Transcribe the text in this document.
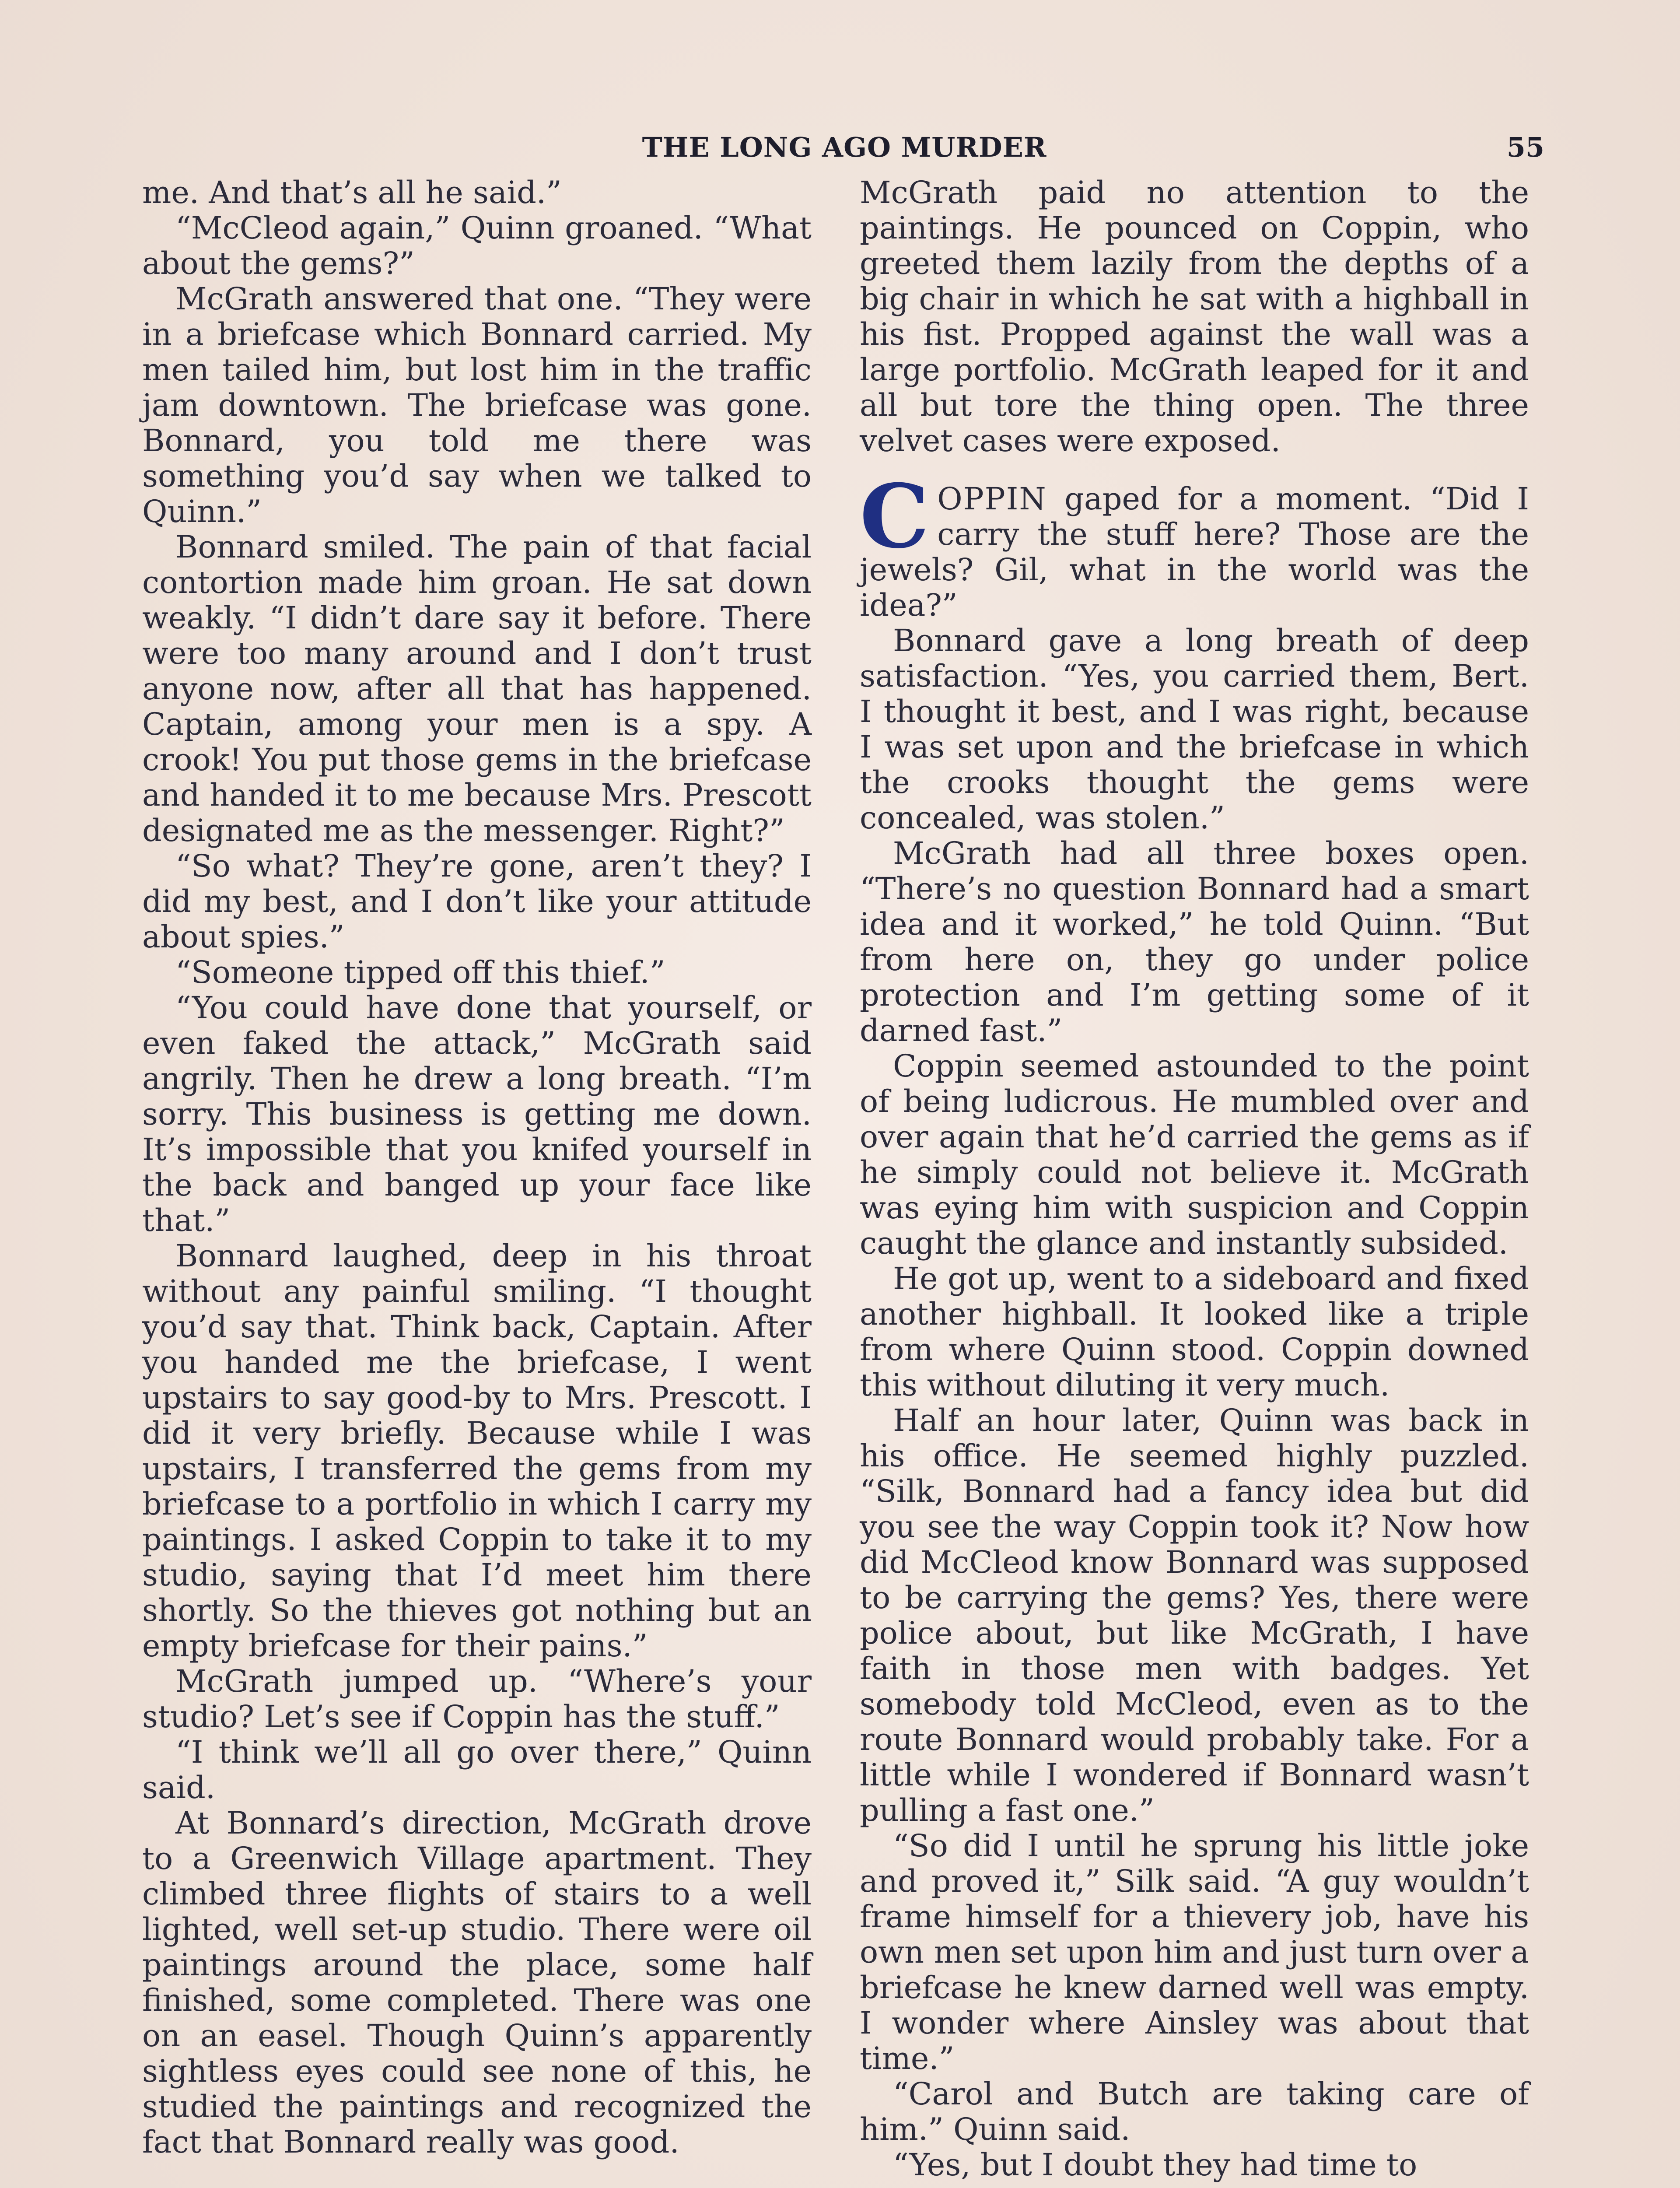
THE LONG AGO MURDER	55

me. And that’s all he said.”

“McCleod again,” Quinn groaned. “What about the gems?”

McGrath answered that one. “They were in a briefcase which Bonnard carried. My men tailed him, but lost him in the traffic jam downtown. The briefcase was gone. Bonnard, you told me there was something you’d say when we talked to Quinn.”

Bonnard smiled. The pain of that facial contortion made him groan. He sat down weakly. “I didn’t dare say it before. There were too many around and I don’t trust anyone now, after all that has happened. Captain, among your men is a spy. A crook! You put those gems in the briefcase and handed it to me because Mrs. Prescott designated me as the messenger. Right?”

“So what? They’re gone, aren’t they? I did my best, and I don’t like your attitude about spies.”

“Someone tipped off this thief.”

“You could have done that yourself, or even faked the attack,” McGrath said angrily. Then he drew a long breath. “I’m sorry. This business is getting me down. It’s impossible that you knifed yourself in the back and banged up your face like that.”

Bonnard laughed, deep in his throat without any painful smiling. “I thought you’d say that. Think back, Captain. After you handed me the briefcase, I went upstairs to say good-by to Mrs. Prescott. I did it very briefly. Because while I was upstairs, I transferred the gems from my briefcase to a portfolio in which I carry my paintings. I asked Coppin to take it to my studio, saying that I’d meet him there shortly. So the thieves got nothing but an empty briefcase for their pains.”

McGrath jumped up. “Where’s your studio? Let’s see if Coppin has the stuff.”

“I think we’ll all go over there,” Quinn said.

At Bonnard’s direction, McGrath drove to a Greenwich Village apartment. They climbed three flights of stairs to a well lighted, well set-up studio. There were oil paintings around the place, some half finished, some completed. There was one on an easel. Though Quinn’s apparently sightless eyes could see none of this, he studied the paintings and recognized the fact that Bonnard really was good.

McGrath paid no attention to the paintings. He pounced on Coppin, who greeted them lazily from the depths of a big chair in which he sat with a highball in his fist. Propped against the wall was a large portfolio. McGrath leaped for it and all but tore the thing open. The three velvet cases were exposed.

COPPIN gaped for a moment. “Did I carry the stuff here? Those are the jewels? Gil, what in the world was the idea?”

Bonnard gave a long breath of deep satisfaction. “Yes, you carried them, Bert. I thought it best, and I was right, because I was set upon and the briefcase in which the crooks thought the gems were concealed, was stolen.”

McGrath had all three boxes open. “There’s no question Bonnard had a smart idea and it worked,” he told Quinn. “But from here on, they go under police protection and I’m getting some of it darned fast.”

Coppin seemed astounded to the point of being ludicrous. He mumbled over and over again that he’d carried the gems as if he simply could not believe it. McGrath was eying him with suspicion and Coppin caught the glance and instantly subsided.

He got up, went to a sideboard and fixed another highball. It looked like a triple from where Quinn stood. Coppin downed this without diluting it very much.

Half an hour later, Quinn was back in his office. He seemed highly puzzled. “Silk, Bonnard had a fancy idea but did you see the way Coppin took it? Now how did McCleod know Bonnard was supposed to be carrying the gems? Yes, there were police about, but like McGrath, I have faith in those men with badges. Yet somebody told McCleod, even as to the route Bonnard would probably take. For a little while I wondered if Bonnard wasn’t pulling a fast one.”

“So did I until he sprung his little joke and proved it,” Silk said. “A guy wouldn’t frame himself for a thievery job, have his own men set upon him and just turn over a briefcase he knew darned well was empty. I wonder where Ainsley was about that time.”

“Carol and Butch are taking care of him.” Quinn said.

“Yes, but I doubt they had time to
